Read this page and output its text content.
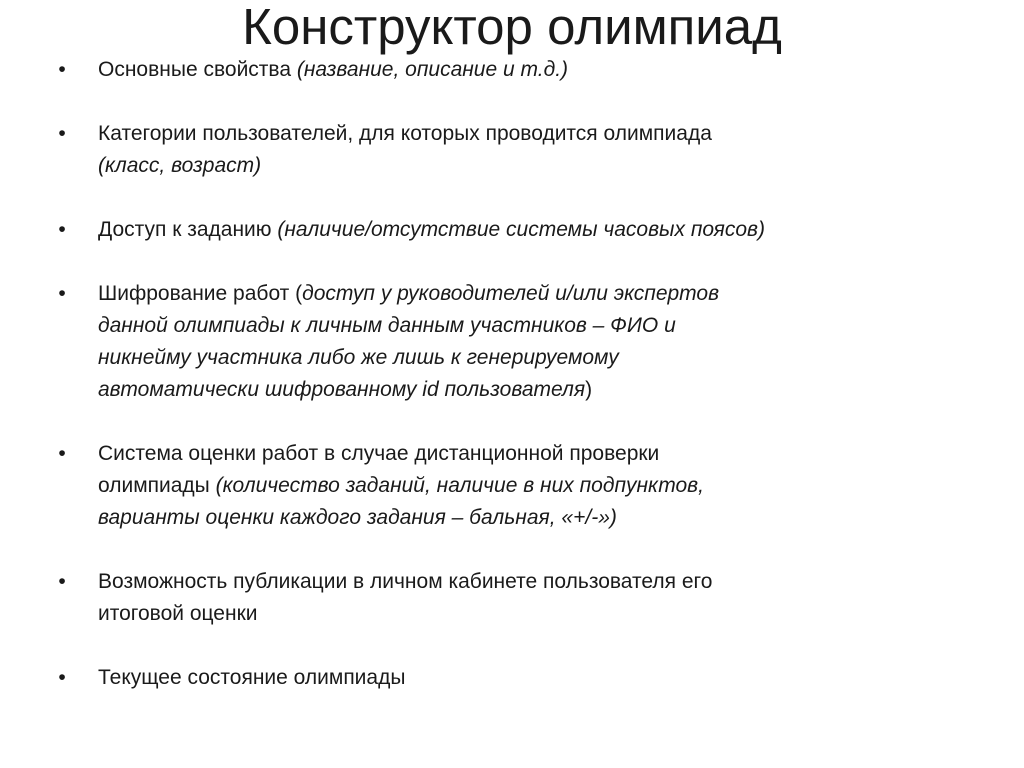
Конструктор олимпиад
• Основные свойства (название, описание и т.д.)
• Категории пользователей, для которых проводится олимпиада
(класс, возраст)
• Доступ к заданию (наличие/отсутствие системы часовых поясов)
• Шифрование работ (доступ у руководителей и/или экспертов
данной олимпиады к личным данным участников – ФИО и
никнейму участника либо же лишь к генерируемому
автоматически шифрованному id пользователя)
• Система оценки работ в случае дистанционной проверки
олимпиады (количество заданий, наличие в них подпунктов,
варианты оценки каждого задания – бальная, «+/-»)
• Возможность публикации в личном кабинете пользователя его
итоговой оценки
• Текущее состояние олимпиады
